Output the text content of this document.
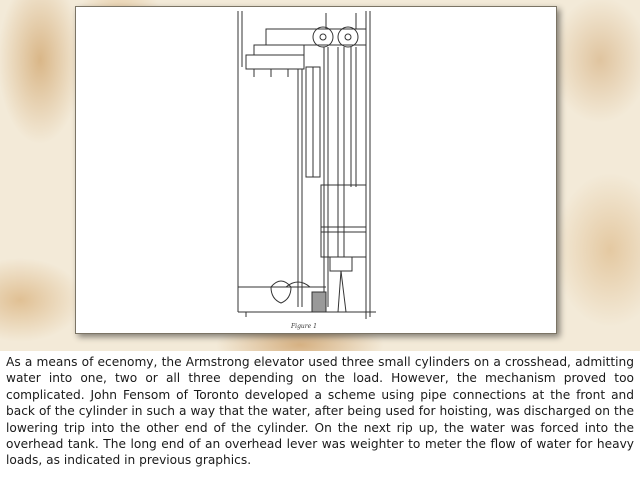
Figure 1

As a means of ecenomy, the Armstrong elevator used three small cylinders on a crosshead, admitting water into one, two or all three depending on the load. However, the mechanism proved too complicated. John Fensom of Toronto developed a scheme using pipe connections at the front and back of the cylinder in such a way that the water, after being used for hoisting, was discharged on the lowering trip into the other end of the cylinder. On the next rip up, the water was forced into the overhead tank. The long end of an overhead lever was weighter to meter the flow of water for heavy loads, as indicated in previous graphics.
